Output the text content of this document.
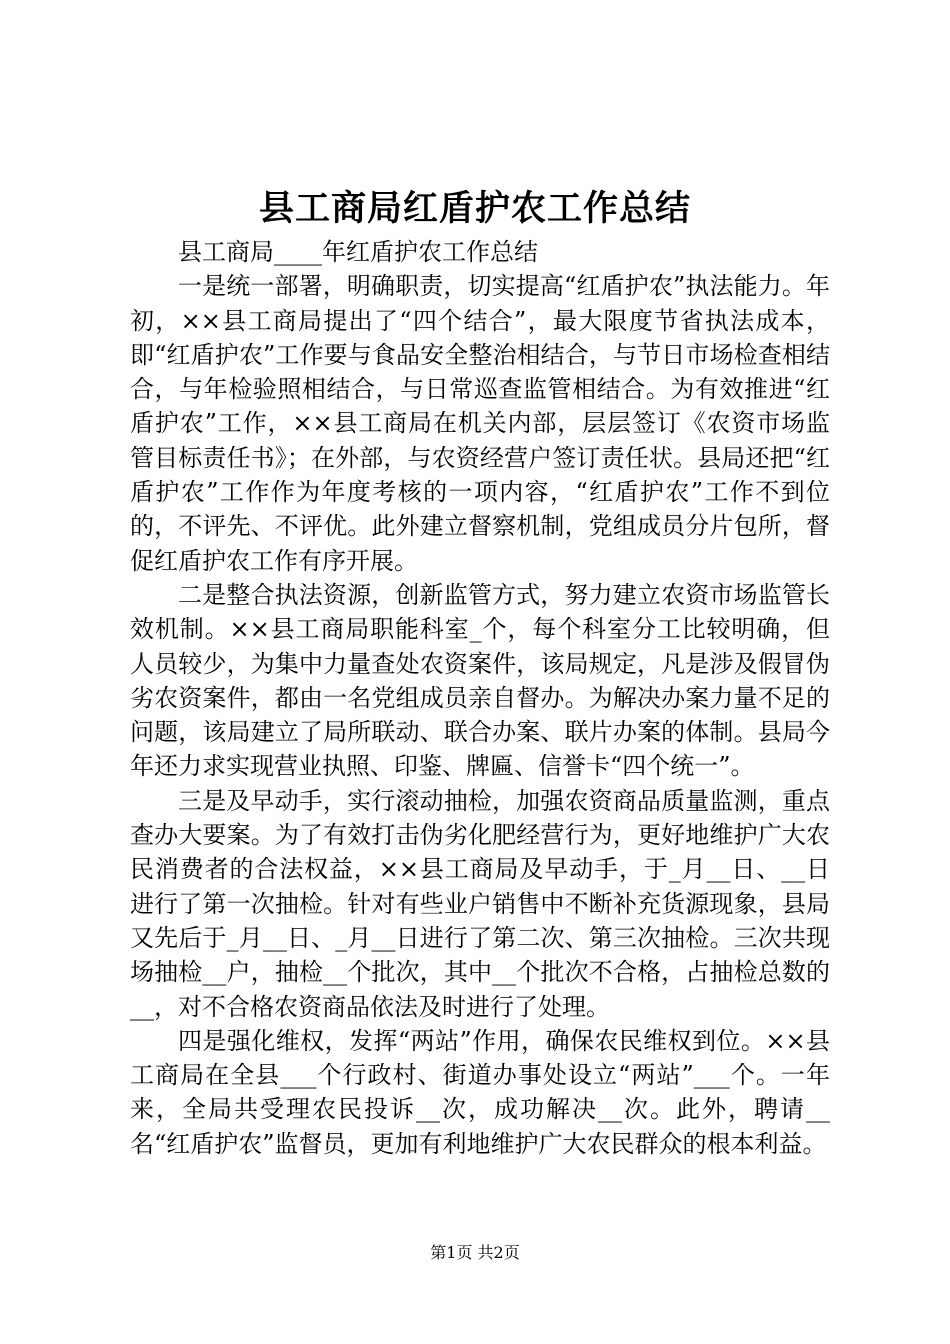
县工商局红盾护农工作总结

县工商局____年红盾护农工作总结

一是统一部署，明确职责，切实提高“红盾护农”执法能力。年初，××县工商局提出了“四个结合”，最大限度节省执法成本，即“红盾护农”工作要与食品安全整治相结合，与节日市场检查相结合，与年检验照相结合，与日常巡查监管相结合。为有效推进“红盾护农”工作，××县工商局在机关内部，层层签订《农资市场监管目标责任书》；在外部，与农资经营户签订责任状。县局还把“红盾护农”工作作为年度考核的一项内容，“红盾护农”工作不到位的，不评先、不评优。此外建立督察机制，党组成员分片包所，督促红盾护农工作有序开展。

二是整合执法资源，创新监管方式，努力建立农资市场监管长效机制。××县工商局职能科室_个，每个科室分工比较明确，但人员较少，为集中力量查处农资案件，该局规定，凡是涉及假冒伪劣农资案件，都由一名党组成员亲自督办。为解决办案力量不足的问题，该局建立了局所联动、联合办案、联片办案的体制。县局今年还力求实现营业执照、印鉴、牌匾、信誉卡“四个统一”。

三是及早动手，实行滚动抽检，加强农资商品质量监测，重点查办大要案。为了有效打击伪劣化肥经营行为，更好地维护广大农民消费者的合法权益，××县工商局及早动手，于_月__日、__日进行了第一次抽检。针对有些业户销售中不断补充货源现象，县局又先后于_月__日、_月__日进行了第二次、第三次抽检。三次共现场抽检__户，抽检__个批次，其中__个批次不合格，占抽检总数的__，对不合格农资商品依法及时进行了处理。

四是强化维权，发挥“两站”作用，确保农民维权到位。××县工商局在全县___个行政村、街道办事处设立“两站”___个。一年来，全局共受理农民投诉__次，成功解决__次。此外，聘请__名“红盾护农”监督员，更加有利地维护广大农民群众的根本利益。

第1页 共2页
